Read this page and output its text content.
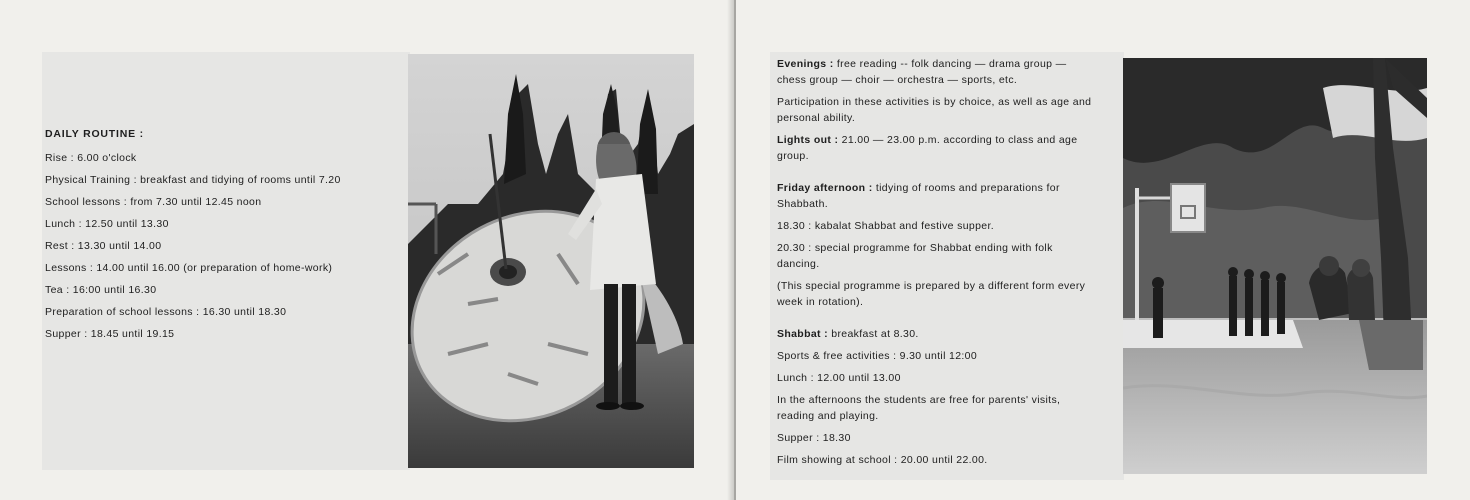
DAILY ROUTINE :

Rise : 6.00 o'clock

Physical Training : breakfast and tidying of rooms until 7.20

School lessons : from 7.30 until 12.45 noon

Lunch : 12.50 until 13.30

Rest : 13.30 until 14.00

Lessons : 14.00 until 16.00 (or preparation of home-work)

Tea : 16:00 until 16.30

Preparation of school lessons : 16.30 until 18.30

Supper : 18.45 until 19.15

Evenings : free reading -- folk dancing — drama group — chess group — choir — orchestra — sports, etc.

Participation in these activities is by choice, as well as age and personal ability.

Lights out : 21.00 — 23.00 p.m. according to class and age group.

Friday afternoon : tidying of rooms and preparations for Shabbath.

18.30 : kabalat Shabbat and festive supper.

20.30 : special programme for Shabbat ending with folk dancing.

(This special programme is prepared by a different form every week in rotation).

Shabbat : breakfast at 8.30.

Sports & free activities : 9.30 until 12:00

Lunch : 12.00 until 13.00

In the afternoons the students are free for parents' visits, reading and playing.

Supper : 18.30

Film showing at school : 20.00 until 22.00.
